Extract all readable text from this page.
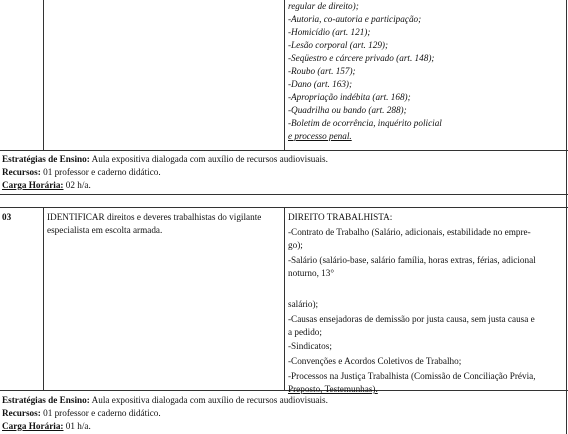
regular de direito);
-Autoria, co-autoria e participação;
-Homicídio (art. 121);
-Lesão corporal (art. 129);
-Seqüestro e cárcere privado (art. 148);
-Roubo (art. 157);
-Dano (art. 163);
-Apropriação indébita (art. 168);
-Quadrilha ou bando (art. 288);
-Boletim de ocorrência, inquérito policial
e processo penal.
Estratégias de Ensino: Aula expositiva dialogada com auxílio de recursos audiovisuais.
Recursos: 01 professor e caderno didático.
Carga Horária: 02 h/a.
03	IDENTIFICAR direitos e deveres trabalhistas do vigilante
especialista em escolta armada.
DIREITO TRABALHISTA:
-Contrato de Trabalho (Salário, adicionais, estabilidade no empre-
go);
-Salário (salário-base, salário família, horas extras, férias, adicional
noturno, 13°
salário);
-Causas ensejadoras de demissão por justa causa, sem justa causa e
a pedido;
-Sindicatos;
-Convenções e Acordos Coletivos de Trabalho;
-Processos na Justiça Trabalhista (Comissão de Conciliação Prévia,
Preposto, Testemunhas).
Estratégias de Ensino: Aula expositiva dialogada com auxílio de recursos audiovisuais.
Recursos: 01 professor e caderno didático.
Carga Horária: 01 h/a.
